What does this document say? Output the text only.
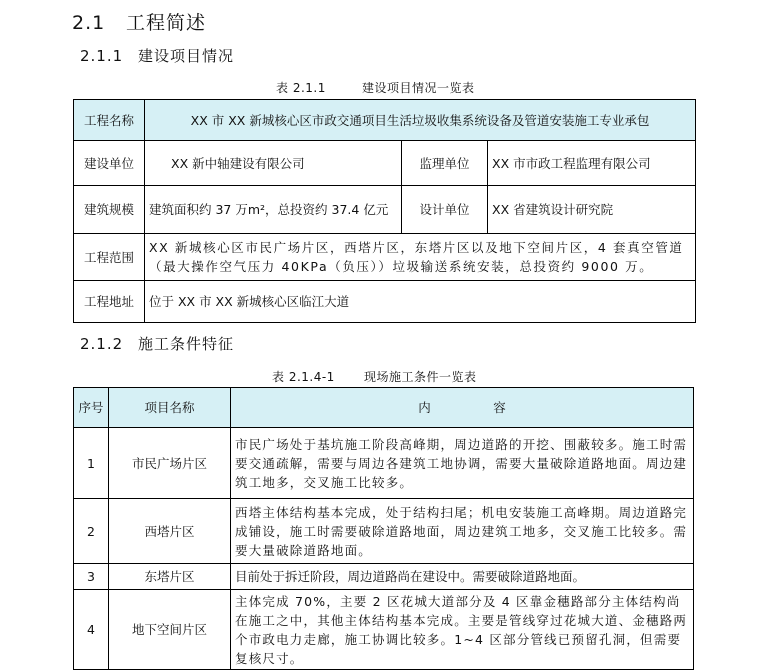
2.1 工程简述
2.1.1 建设项目情况
表 2.1.1	建设项目情况一览表
工程名称	XX 市 XX 新城核心区市政交通项目生活垃圾收集系统设备及管道安装施工专业承包		
建设单位	XX 新中轴建设有限公司	监理单位	XX 市市政工程监理有限公司
建筑规模	建筑面积约 37 万m²，总投资约 37.4 亿元	设计单位	XX 省建筑设计研究院
工程范围	XX 新城核心区市民广场片区，西塔片区，东塔片区以及地下空间片区，4 套真空管道（最大操作空气压力 40KPa（负压））垃圾输送系统安装，总投资约 9000 万。		
工程地址	位于 XX 市 XX 新城核心区临江大道		
2.1.2 施工条件特征
表 2.1.4-1 现场施工条件一览表
序号	项目名称	内　　　　　容
1	市民广场片区	市民广场处于基坑施工阶段高峰期，周边道路的开挖、围蔽较多。施工时需要交通疏解，需要与周边各建筑工地协调，需要大量破除道路地面。周边建筑工地多，交叉施工比较多。
2	西塔片区	西塔主体结构基本完成，处于结构扫尾；机电安装施工高峰期。周边道路完成铺设，施工时需要破除道路地面，周边建筑工地多，交叉施工比较多。需要大量破除道路地面。
3	东塔片区	目前处于拆迁阶段，周边道路尚在建设中。需要破除道路地面。
4	地下空间片区	主体完成 70%，主要 2 区花城大道部分及 4 区靠金穗路部分主体结构尚在施工之中，其他主体结构基本完成。主要是管线穿过花城大道、金穗路两个市政电力走廊，施工协调比较多。1~4 区部分管线已预留孔洞，但需要复核尺寸。
